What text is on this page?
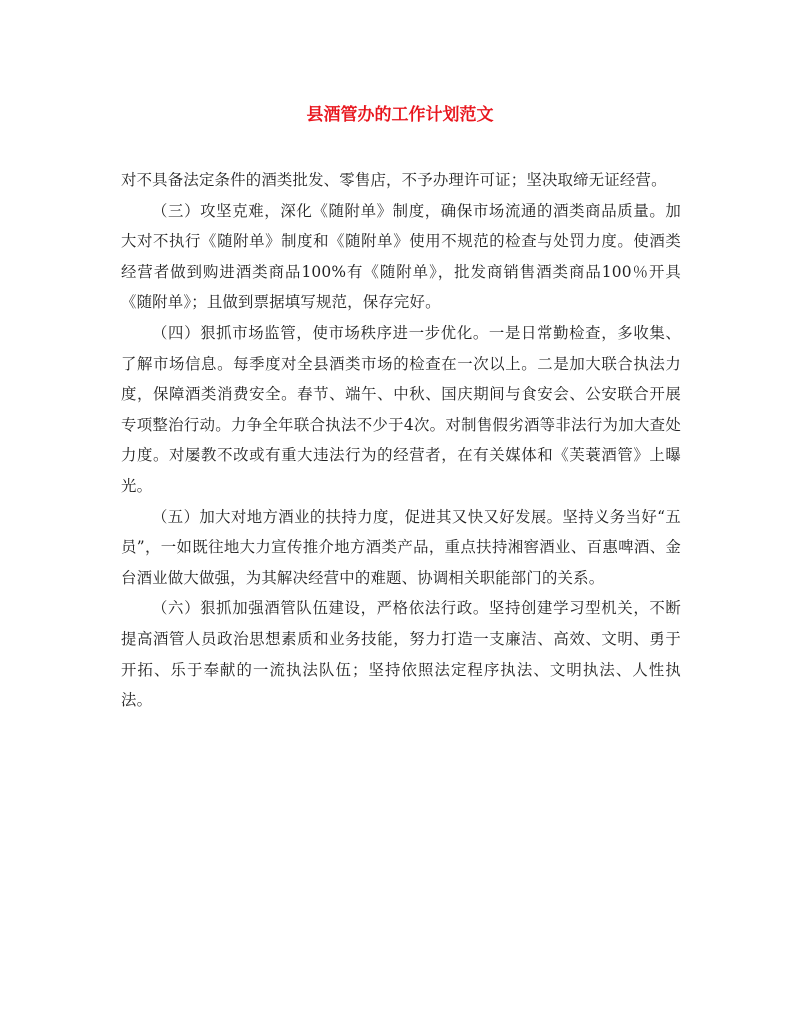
县酒管办的工作计划范文

对不具备法定条件的酒类批发、零售店，不予办理许可证；坚决取缔无证经营。

（三）攻坚克难，深化《随附单》制度，确保市场流通的酒类商品质量。加大对不执行《随附单》制度和《随附单》使用不规范的检查与处罚力度。使酒类经营者做到购进酒类商品100%有《随附单》，批发商销售酒类商品100％开具《随附单》；且做到票据填写规范，保存完好。

（四）狠抓市场监管，使市场秩序进一步优化。一是日常勤检查，多收集、了解市场信息。每季度对全县酒类市场的检查在一次以上。二是加大联合执法力度，保障酒类消费安全。春节、端午、中秋、国庆期间与食安会、公安联合开展专项整治行动。力争全年联合执法不少于4次。对制售假劣酒等非法行为加大查处力度。对屡教不改或有重大违法行为的经营者，在有关媒体和《芙蓑酒管》上曝光。

（五）加大对地方酒业的扶持力度，促进其又快又好发展。坚持义务当好“五员”，一如既往地大力宣传推介地方酒类产品，重点扶持湘窖酒业、百惠啤酒、金台酒业做大做强，为其解决经营中的难题、协调相关职能部门的关系。

（六）狠抓加强酒管队伍建设，严格依法行政。坚持创建学习型机关，不断提高酒管人员政治思想素质和业务技能，努力打造一支廉洁、高效、文明、勇于开拓、乐于奉献的一流执法队伍；坚持依照法定程序执法、文明执法、人性执法。
